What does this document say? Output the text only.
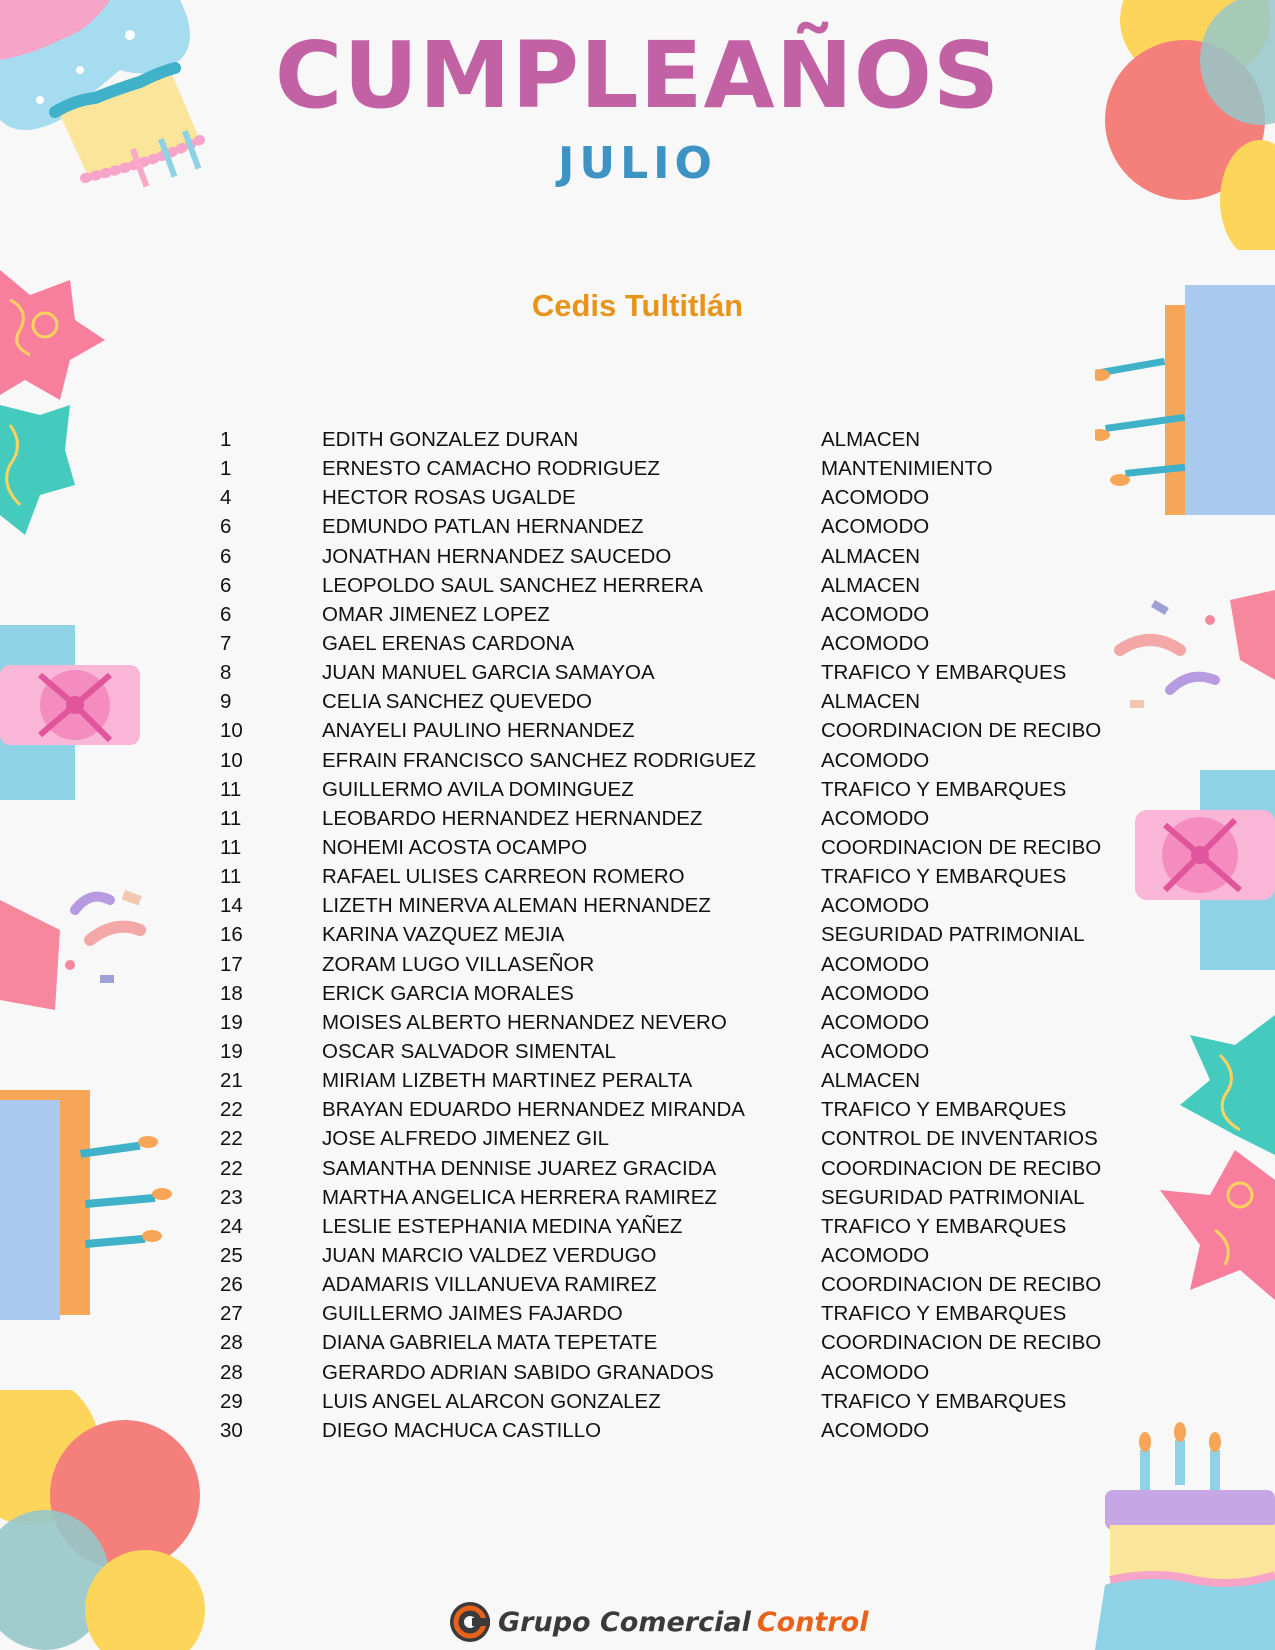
CUMPLEAÑOS
JULIO
Cedis Tultitlán
1	EDITH GONZALEZ DURAN	ALMACEN
1	ERNESTO CAMACHO RODRIGUEZ	MANTENIMIENTO
4	HECTOR ROSAS UGALDE	ACOMODO
6	EDMUNDO PATLAN HERNANDEZ	ACOMODO
6	JONATHAN HERNANDEZ SAUCEDO	ALMACEN
6	LEOPOLDO SAUL SANCHEZ HERRERA	ALMACEN
6	OMAR JIMENEZ LOPEZ	ACOMODO
7	GAEL ERENAS CARDONA	ACOMODO
8	JUAN MANUEL GARCIA SAMAYOA	TRAFICO Y EMBARQUES
9	CELIA SANCHEZ QUEVEDO	ALMACEN
10	ANAYELI PAULINO HERNANDEZ	COORDINACION DE RECIBO
10	EFRAIN FRANCISCO SANCHEZ RODRIGUEZ	ACOMODO
11	GUILLERMO AVILA DOMINGUEZ	TRAFICO Y EMBARQUES
11	LEOBARDO HERNANDEZ HERNANDEZ	ACOMODO
11	NOHEMI ACOSTA OCAMPO	COORDINACION DE RECIBO
11	RAFAEL ULISES CARREON ROMERO	TRAFICO Y EMBARQUES
14	LIZETH MINERVA ALEMAN HERNANDEZ	ACOMODO
16	KARINA VAZQUEZ MEJIA	SEGURIDAD PATRIMONIAL
17	ZORAM LUGO VILLASEÑOR	ACOMODO
18	ERICK GARCIA MORALES	ACOMODO
19	MOISES ALBERTO HERNANDEZ NEVERO	ACOMODO
19	OSCAR SALVADOR SIMENTAL	ACOMODO
21	MIRIAM LIZBETH MARTINEZ PERALTA	ALMACEN
22	BRAYAN EDUARDO HERNANDEZ MIRANDA	TRAFICO Y EMBARQUES
22	JOSE ALFREDO JIMENEZ GIL	CONTROL DE INVENTARIOS
22	SAMANTHA DENNISE JUAREZ GRACIDA	COORDINACION DE RECIBO
23	MARTHA ANGELICA HERRERA RAMIREZ	SEGURIDAD PATRIMONIAL
24	LESLIE ESTEPHANIA MEDINA YAÑEZ	TRAFICO Y EMBARQUES
25	JUAN MARCIO VALDEZ VERDUGO	ACOMODO
26	ADAMARIS VILLANUEVA RAMIREZ	COORDINACION DE RECIBO
27	GUILLERMO JAIMES FAJARDO	TRAFICO Y EMBARQUES
28	DIANA GABRIELA MATA TEPETATE	COORDINACION DE RECIBO
28	GERARDO ADRIAN SABIDO GRANADOS	ACOMODO
29	LUIS ANGEL ALARCON GONZALEZ	TRAFICO Y EMBARQUES
30	DIEGO MACHUCA CASTILLO	ACOMODO
Grupo Comercial Control
